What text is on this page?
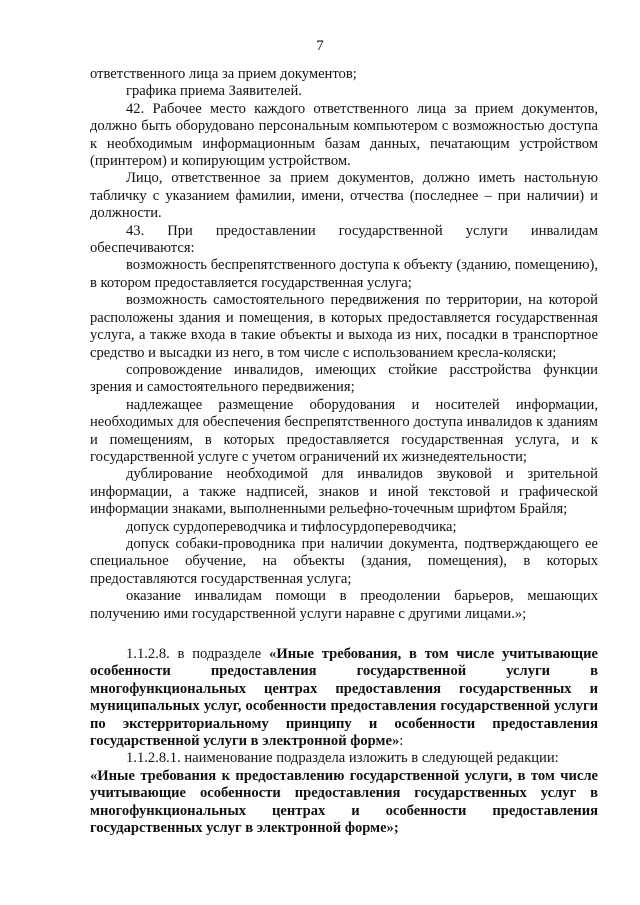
7

ответственного лица за прием документов;

графика приема Заявителей.

42. Рабочее место каждого ответственного лица за прием документов, должно быть оборудовано персональным компьютером с возможностью доступа к необходимым информационным базам данных, печатающим устройством (принтером) и копирующим устройством.

Лицо, ответственное за прием документов, должно иметь настольную табличку с указанием фамилии, имени, отчества (последнее – при наличии) и должности.

43. При предоставлении государственной услуги инвалидам обеспечиваются:

возможность беспрепятственного доступа к объекту (зданию, помещению), в котором предоставляется государственная услуга;

возможность самостоятельного передвижения по территории, на которой расположены здания и помещения, в которых предоставляется государственная услуга, а также входа в такие объекты и выхода из них, посадки в транспортное средство и высадки из него, в том числе с использованием кресла-коляски;

сопровождение инвалидов, имеющих стойкие расстройства функции зрения и самостоятельного передвижения;

надлежащее размещение оборудования и носителей информации, необходимых для обеспечения беспрепятственного доступа инвалидов к зданиям и помещениям, в которых предоставляется государственная услуга, и к государственной услуге с учетом ограничений их жизнедеятельности;

дублирование необходимой для инвалидов звуковой и зрительной информации, а также надписей, знаков и иной текстовой и графической информации знаками, выполненными рельефно-точечным шрифтом Брайля;

допуск сурдопереводчика и тифлосурдопереводчика;

допуск собаки-проводника при наличии документа, подтверждающего ее специальное обучение, на объекты (здания, помещения), в которых предоставляются государственная услуга;

оказание инвалидам помощи в преодолении барьеров, мешающих получению ими государственной услуги наравне с другими лицами.»;

1.1.2.8. в подразделе «Иные требования, в том числе учитывающие особенности предоставления государственной услуги в многофункциональных центрах предоставления государственных и муниципальных услуг, особенности предоставления государственной услуги по экстерриториальному принципу и особенности предоставления государственной услуги в электронной форме»:

1.1.2.8.1. наименование подраздела изложить в следующей редакции:

«Иные требования к предоставлению государственной услуги, в том числе учитывающие особенности предоставления государственных услуг в многофункциональных центрах и особенности предоставления государственных услуг в электронной форме»;
